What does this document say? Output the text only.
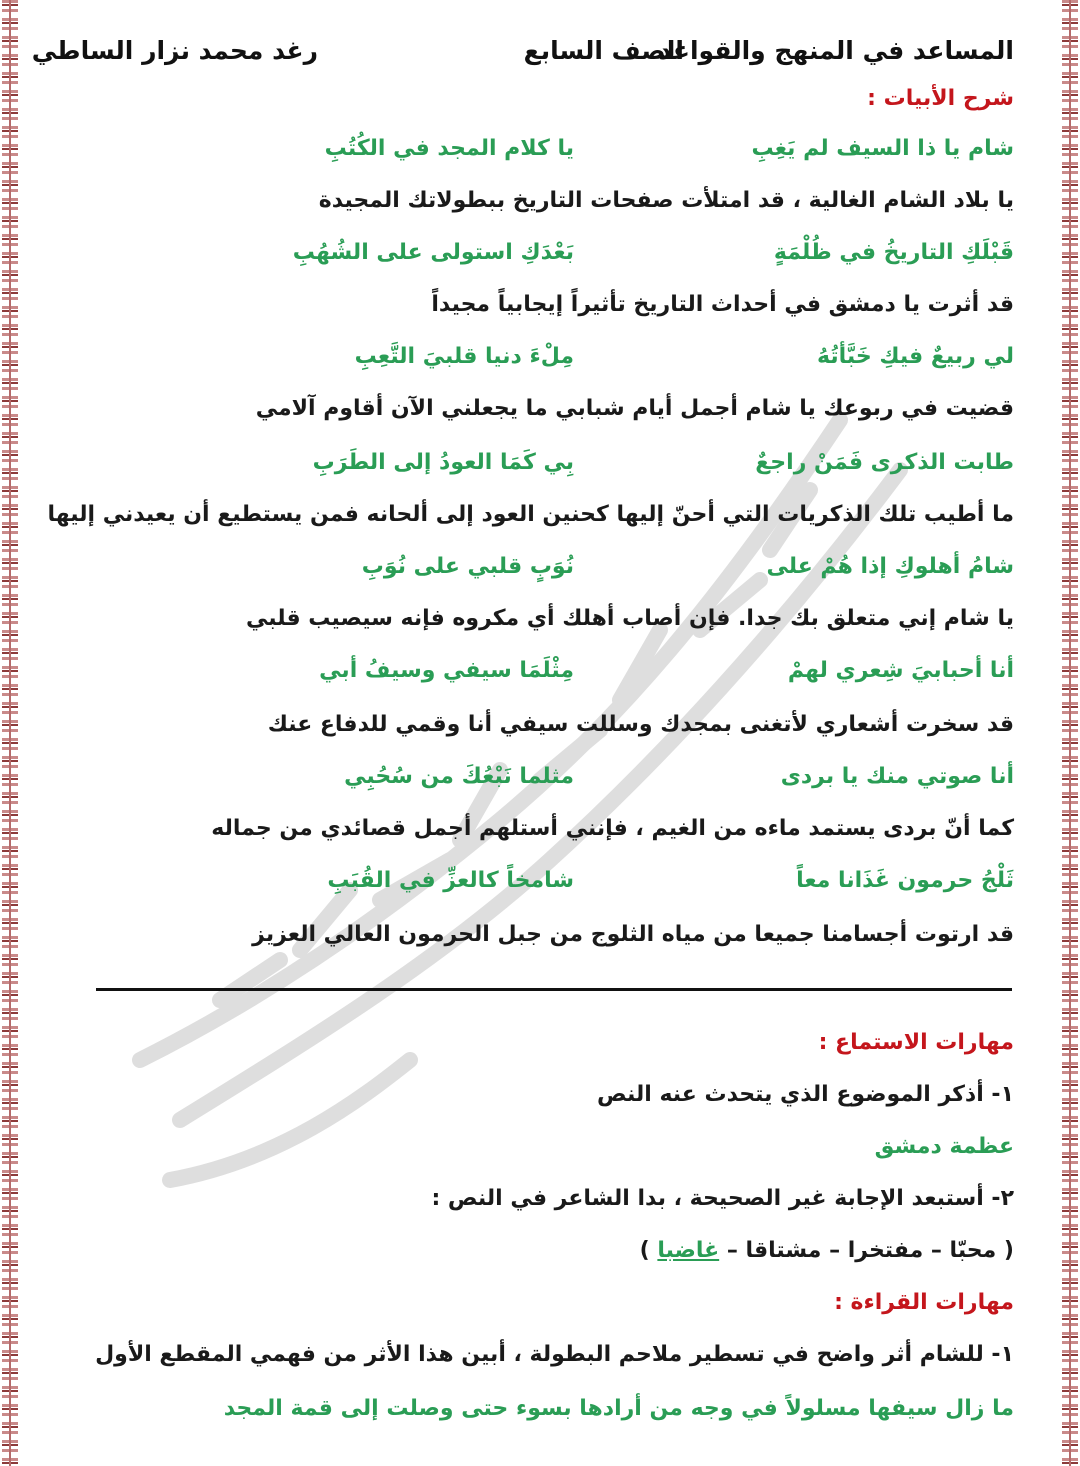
المساعد في المنهج والقواعد
الصف السابع
رغد محمد نزار الساطي
شرح الأبيات :
شام يا ذا السيف لم يَغِبِ
يا كلام المجد في الكُتُبِ
يا بلاد الشام الغالية ، قد امتلأت صفحات التاريخ ببطولاتك المجيدة
قَبْلَكِ التاريخُ في ظُلْمَةٍ
بَعْدَكِ استولى على الشُهُبِ
قد أثرت يا دمشق في أحداث التاريخ تأثيراً إيجابياً مجيداً
لي ربيعٌ فيكِ خَبَّأتُهُ
مِلْءَ دنيا قلبيَ التَّعِبِ
قضيت في ربوعك يا شام أجمل أيام شبابي ما يجعلني الآن أقاوم آلامي
طابت الذكرى فَمَنْ راجعٌ
بِي كَمَا العودُ إلى الطَرَبِ
ما أطيب تلك الذكريات التي أحنّ إليها كحنين العود إلى ألحانه فمن يستطيع أن يعيدني إليها
شامُ أهلوكِ إذا هُمْ على
نُوَبٍ قلبي على نُوَبِ
يا شام إني متعلق بك جدا. فإن أصاب أهلك أي مكروه فإنه سيصيب قلبي
أنا أحبابيَ شِعري لهمْ
مِثْلَمَا سيفي وسيفُ أبي
قد سخرت أشعاري لأتغنى بمجدك وسللت سيفي أنا وقمي للدفاع عنك
أنا صوتي منك يا بردى
مثلما نَبْعُكَ من سُحُبِي
كما أنّ بردى يستمد ماءه من الغيم ، فإنني أستلهم أجمل قصائدي من جماله
ثَلْجُ حرمون غَذَانا معاً
شامخاً كالعزِّ في القُبَبِ
قد ارتوت أجسامنا جميعا من مياه الثلوج من جبل الحرمون العالي العزيز
مهارات الاستماع :
١- أذكر الموضوع الذي يتحدث عنه النص
عظمة دمشق
٢- أستبعد الإجابة غير الصحيحة ، بدا الشاعر في النص :
( محبّا – مفتخرا – مشتاقا – غاضبا )
مهارات القراءة :
١- للشام أثر واضح في تسطير ملاحم البطولة ، أبين هذا الأثر من فهمي المقطع الأول
ما زال سيفها مسلولاً في وجه من أرادها بسوء حتى وصلت إلى قمة المجد
